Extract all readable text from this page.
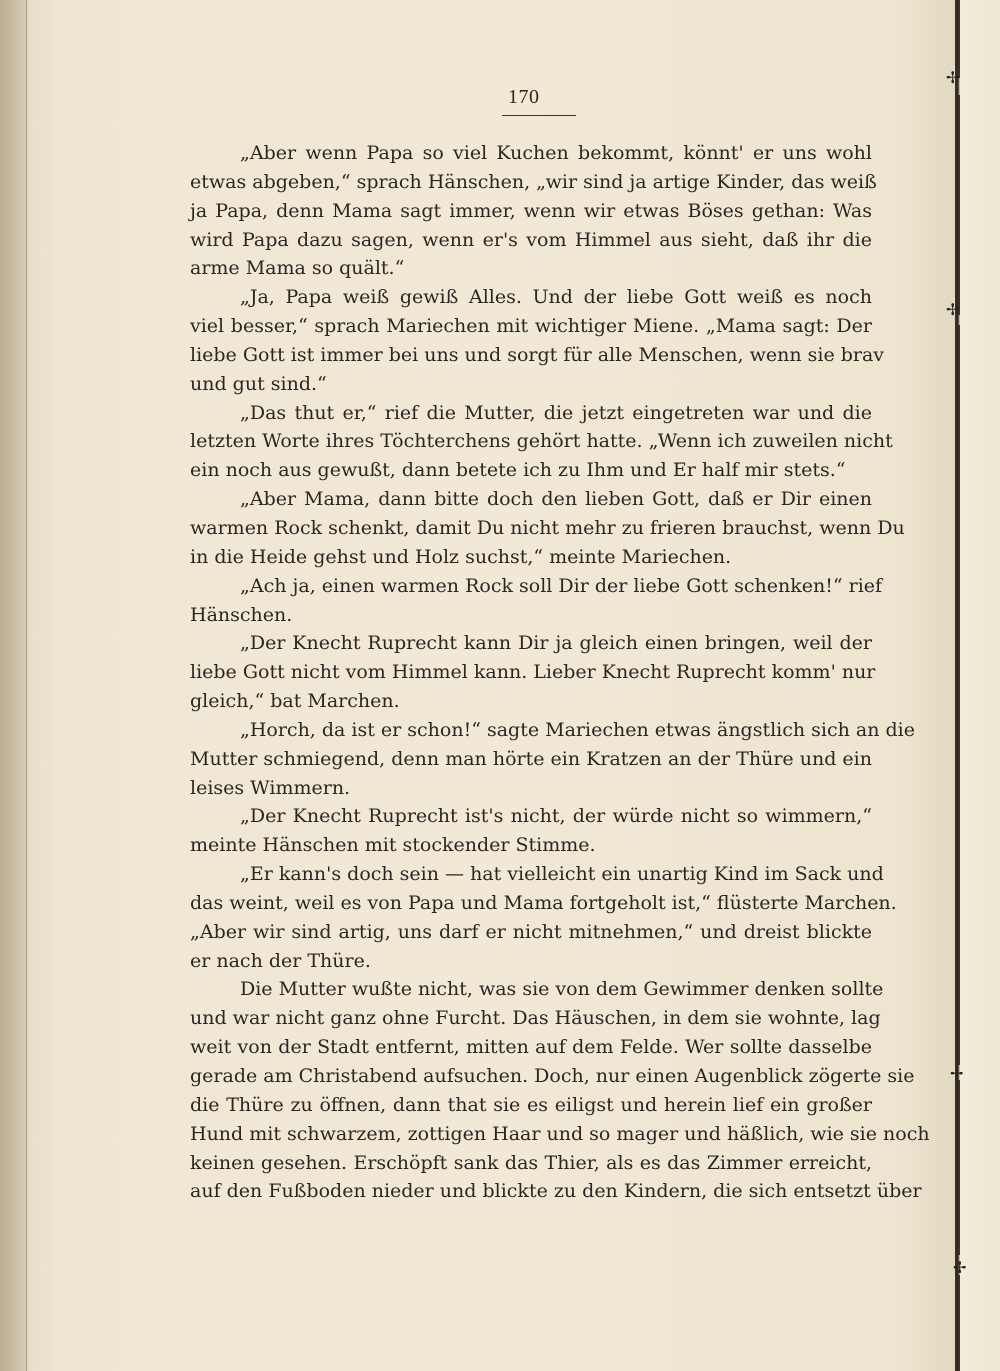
✢
✢
✢
✢
170
„Aber wenn Papa so viel Kuchen bekommt, könnt' er uns wohl
etwas abgeben,“ sprach Hänschen, „wir sind ja artige Kinder, das weiß
ja Papa, denn Mama sagt immer, wenn wir etwas Böses gethan: Was
wird Papa dazu sagen, wenn er's vom Himmel aus sieht, daß ihr die
arme Mama so quält.“
„Ja, Papa weiß gewiß Alles. Und der liebe Gott weiß es noch
viel besser,“ sprach Mariechen mit wichtiger Miene. „Mama sagt: Der
liebe Gott ist immer bei uns und sorgt für alle Menschen, wenn sie brav
und gut sind.“
„Das thut er,“ rief die Mutter, die jetzt eingetreten war und die
letzten Worte ihres Töchterchens gehört hatte. „Wenn ich zuweilen nicht
ein noch aus gewußt, dann betete ich zu Ihm und Er half mir stets.“
„Aber Mama, dann bitte doch den lieben Gott, daß er Dir einen
warmen Rock schenkt, damit Du nicht mehr zu frieren brauchst, wenn Du
in die Heide gehst und Holz suchst,“ meinte Mariechen.
„Ach ja, einen warmen Rock soll Dir der liebe Gott schenken!“ rief
Hänschen.
„Der Knecht Ruprecht kann Dir ja gleich einen bringen, weil der
liebe Gott nicht vom Himmel kann. Lieber Knecht Ruprecht komm' nur
gleich,“ bat Marchen.
„Horch, da ist er schon!“ sagte Mariechen etwas ängstlich sich an die
Mutter schmiegend, denn man hörte ein Kratzen an der Thüre und ein
leises Wimmern.
„Der Knecht Ruprecht ist's nicht, der würde nicht so wimmern,“
meinte Hänschen mit stockender Stimme.
„Er kann's doch sein — hat vielleicht ein unartig Kind im Sack und
das weint, weil es von Papa und Mama fortgeholt ist,“ flüsterte Marchen.
„Aber wir sind artig, uns darf er nicht mitnehmen,“ und dreist blickte
er nach der Thüre.
Die Mutter wußte nicht, was sie von dem Gewimmer denken sollte
und war nicht ganz ohne Furcht. Das Häuschen, in dem sie wohnte, lag
weit von der Stadt entfernt, mitten auf dem Felde. Wer sollte dasselbe
gerade am Christabend aufsuchen. Doch, nur einen Augenblick zögerte sie
die Thüre zu öffnen, dann that sie es eiligst und herein lief ein großer
Hund mit schwarzem, zottigen Haar und so mager und häßlich, wie sie noch
keinen gesehen. Erschöpft sank das Thier, als es das Zimmer erreicht,
auf den Fußboden nieder und blickte zu den Kindern, die sich entsetzt über
